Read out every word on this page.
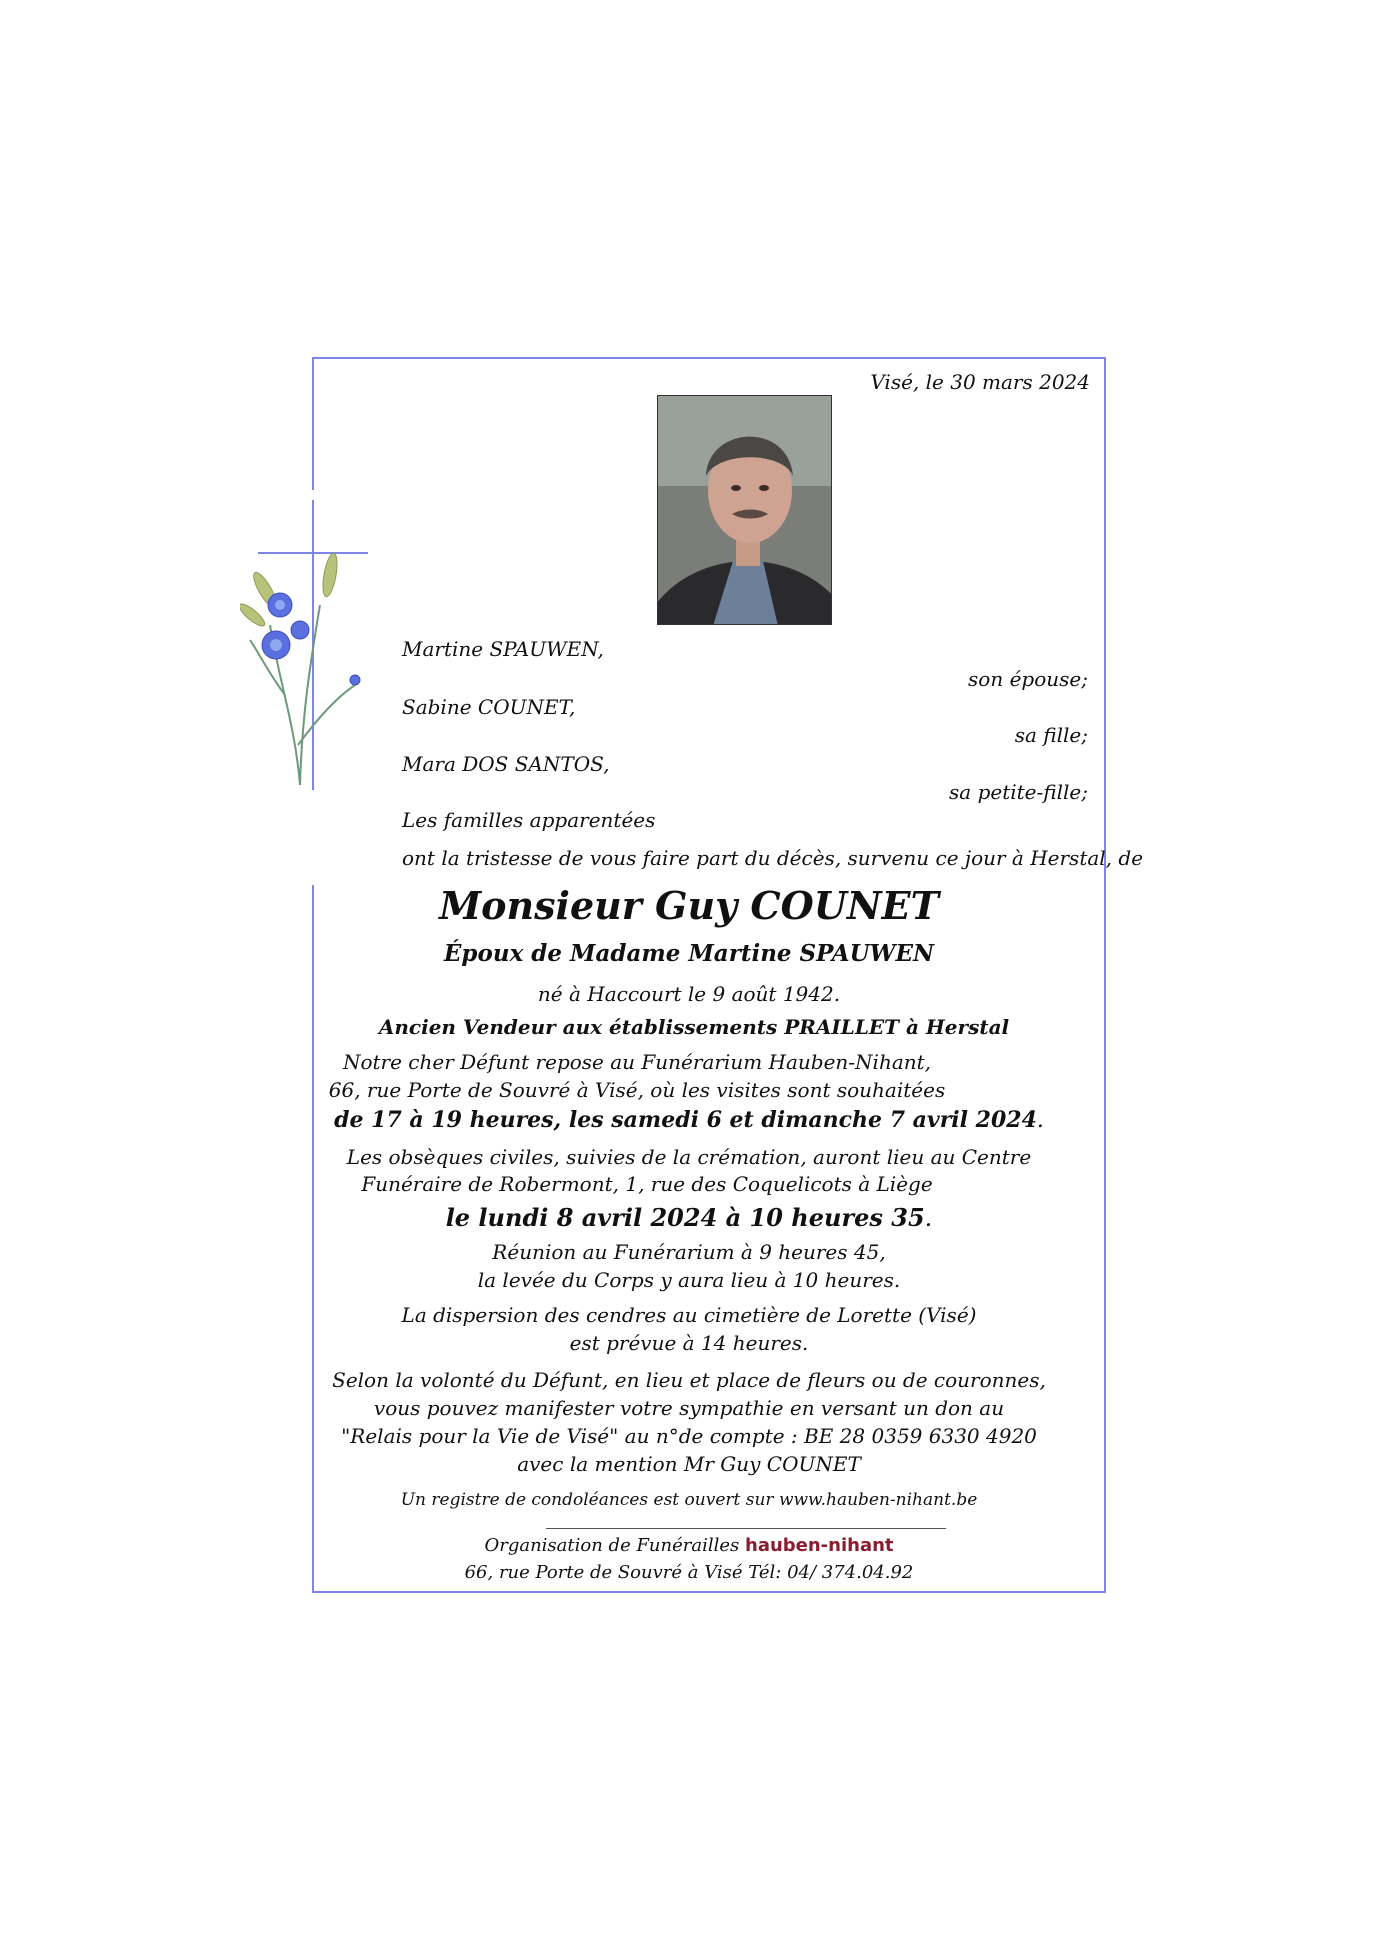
Visé, le 30 mars 2024
Martine SPAUWEN,
son épouse;
Sabine COUNET,
sa fille;
Mara DOS SANTOS,
sa petite-fille;
Les familles apparentées
ont la tristesse de vous faire part du décès, survenu ce jour à Herstal, de
Monsieur Guy COUNET
Époux de Madame Martine SPAUWEN
né à Haccourt le 9 août 1942.
Ancien Vendeur aux établissements PRAILLET à Herstal
Notre cher Défunt repose au Funérarium Hauben-Nihant,
66, rue Porte de Souvré à Visé, où les visites sont souhaitées
de 17 à 19 heures, les samedi 6 et dimanche 7 avril 2024.
Les obsèques civiles, suivies de la crémation, auront lieu au Centre
Funéraire de Robermont, 1, rue des Coquelicots à Liège
le lundi 8 avril 2024 à 10 heures 35.
Réunion au Funérarium à 9 heures 45,
la levée du Corps y aura lieu à 10 heures.
La dispersion des cendres au cimetière de Lorette (Visé)
est prévue à 14 heures.
Selon la volonté du Défunt, en lieu et place de fleurs ou de couronnes,
vous pouvez manifester votre sympathie en versant un don au
"Relais pour la Vie de Visé" au n°de compte : BE 28 0359 6330 4920
avec la mention Mr Guy COUNET
Un registre de condoléances est ouvert sur www.hauben-nihant.be
Organisation de Funérailles hauben-nihant
66, rue Porte de Souvré à Visé Tél: 04/ 374.04.92
